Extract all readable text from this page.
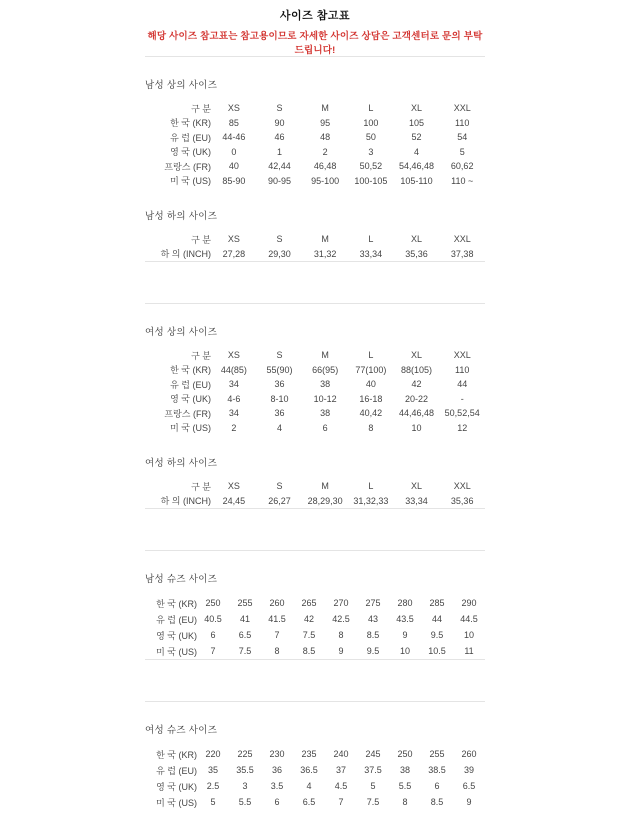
사이즈 참고표
해당 사이즈 참고표는 참고용이므로 자세한 사이즈 상담은 고객센터로 문의 부탁드립니다!
남성 상의 사이즈
구 분	XS	S	M	L	XL	XXL
한 국 (KR)	85	90	95	100	105	110
유 럽 (EU)	44-46	46	48	50	52	54
영 국 (UK)	0	1	2	3	4	5
프랑스 (FR)	40	42,44	46,48	50,52	54,46,48	60,62
미 국 (US)	85-90	90-95	95-100	100-105	105-110	110 ~
남성 하의 사이즈
구 분	XS	S	M	L	XL	XXL
하 의 (INCH)	27,28	29,30	31,32	33,34	35,36	37,38
여성 상의 사이즈
구 분	XS	S	M	L	XL	XXL
한 국 (KR)	44(85)	55(90)	66(95)	77(100)	88(105)	110
유 럽 (EU)	34	36	38	40	42	44
영 국 (UK)	4-6	8-10	10-12	16-18	20-22	-
프랑스 (FR)	34	36	38	40,42	44,46,48	50,52,54
미 국 (US)	2	4	6	8	10	12
여성 하의 사이즈
구 분	XS	S	M	L	XL	XXL
하 의 (INCH)	24,45	26,27	28,29,30	31,32,33	33,34	35,36
남성 슈즈 사이즈
한 국 (KR) 250	255	260	265	270	275	280	285	290
유 럽 (EU) 40.5	41	41.5	42	42.5	43	43.5	44	44.5
영 국 (UK)	6	6.5	7	7.5	8	8.5	9	9.5	10
미 국 (US)	7	7.5	8	8.5	9	9.5	10	10.5	11
여성 슈즈 사이즈
한 국 (KR) 220	225	230	235	240	245	250	255	260
유 럽 (EU)	35	35.5	36	36.5	37	37.5	38	38.5	39
영 국 (UK)	2.5	3	3.5	4	4.5	5	5.5	6	6.5
미 국 (US)	5	5.5	6	6.5	7	7.5	8	8.5	9
